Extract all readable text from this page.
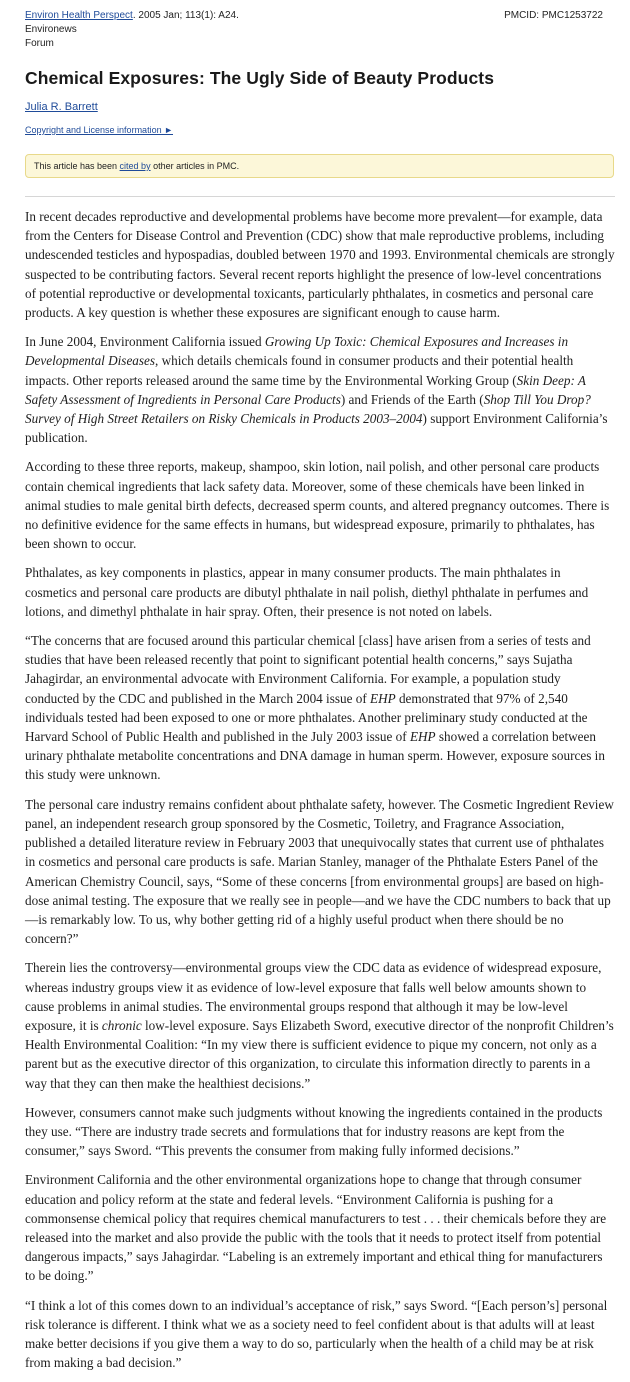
Environ Health Perspect. 2005 Jan; 113(1): A24.
Environews
Forum
PMCID: PMC1253722
Chemical Exposures: The Ugly Side of Beauty Products
Julia R. Barrett
Copyright and License information ►
This article has been cited by other articles in PMC.

In recent decades reproductive and developmental problems have become more prevalent—for example, data from the Centers for Disease Control and Prevention (CDC) show that male reproductive problems, including undescended testicles and hypospadias, doubled between 1970 and 1993. Environmental chemicals are strongly suspected to be contributing factors. Several recent reports highlight the presence of low-level concentrations of potential reproductive or developmental toxicants, particularly phthalates, in cosmetics and personal care products. A key question is whether these exposures are significant enough to cause harm.

In June 2004, Environment California issued Growing Up Toxic: Chemical Exposures and Increases in Developmental Diseases, which details chemicals found in consumer products and their potential health impacts. Other reports released around the same time by the Environmental Working Group (Skin Deep: A Safety Assessment of Ingredients in Personal Care Products) and Friends of the Earth (Shop Till You Drop? Survey of High Street Retailers on Risky Chemicals in Products 2003–2004) support Environment California’s publication.

According to these three reports, makeup, shampoo, skin lotion, nail polish, and other personal care products contain chemical ingredients that lack safety data. Moreover, some of these chemicals have been linked in animal studies to male genital birth defects, decreased sperm counts, and altered pregnancy outcomes. There is no definitive evidence for the same effects in humans, but widespread exposure, primarily to phthalates, has been shown to occur.

Phthalates, as key components in plastics, appear in many consumer products. The main phthalates in cosmetics and personal care products are dibutyl phthalate in nail polish, diethyl phthalate in perfumes and lotions, and dimethyl phthalate in hair spray. Often, their presence is not noted on labels.

“The concerns that are focused around this particular chemical [class] have arisen from a series of tests and studies that have been released recently that point to significant potential health concerns,” says Sujatha Jahagirdar, an environmental advocate with Environment California. For example, a population study conducted by the CDC and published in the March 2004 issue of EHP demonstrated that 97% of 2,540 individuals tested had been exposed to one or more phthalates. Another preliminary study conducted at the Harvard School of Public Health and published in the July 2003 issue of EHP showed a correlation between urinary phthalate metabolite concentrations and DNA damage in human sperm. However, exposure sources in this study were unknown.

The personal care industry remains confident about phthalate safety, however. The Cosmetic Ingredient Review panel, an independent research group sponsored by the Cosmetic, Toiletry, and Fragrance Association, published a detailed literature review in February 2003 that unequivocally states that current use of phthalates in cosmetics and personal care products is safe. Marian Stanley, manager of the Phthalate Esters Panel of the American Chemistry Council, says, “Some of these concerns [from environmental groups] are based on high-dose animal testing. The exposure that we really see in people—and we have the CDC numbers to back that up—is remarkably low. To us, why bother getting rid of a highly useful product when there should be no concern?”

Therein lies the controversy—environmental groups view the CDC data as evidence of widespread exposure, whereas industry groups view it as evidence of low-level exposure that falls well below amounts shown to cause problems in animal studies. The environmental groups respond that although it may be low-level exposure, it is chronic low-level exposure. Says Elizabeth Sword, executive director of the nonprofit Children’s Health Environmental Coalition: “In my view there is sufficient evidence to pique my concern, not only as a parent but as the executive director of this organization, to circulate this information directly to parents in a way that they can then make the healthiest decisions.”

However, consumers cannot make such judgments without knowing the ingredients contained in the products they use. “There are industry trade secrets and formulations that for industry reasons are kept from the consumer,” says Sword. “This prevents the consumer from making fully informed decisions.”

Environment California and the other environmental organizations hope to change that through consumer education and policy reform at the state and federal levels. “Environment California is pushing for a commonsense chemical policy that requires chemical manufacturers to test . . . their chemicals before they are released into the market and also provide the public with the tools that it needs to protect itself from potential dangerous impacts,” says Jahagirdar. “Labeling is an extremely important and ethical thing for manufacturers to be doing.”

“I think a lot of this comes down to an individual’s acceptance of risk,” says Sword. “[Each person’s] personal risk tolerance is different. I think what we as a society need to feel confident about is that adults will at least make better decisions if you give them a way to do so, particularly when the health of a child may be at risk from making a bad decision.”
